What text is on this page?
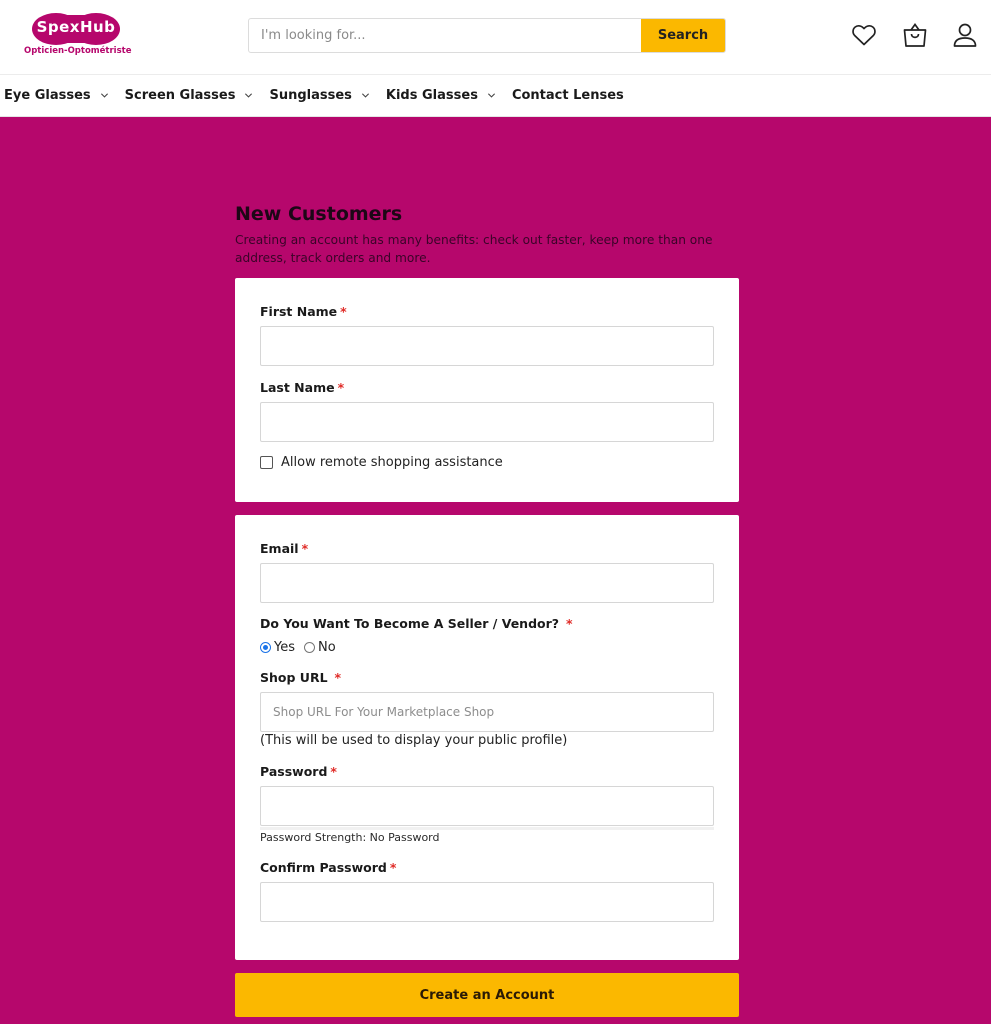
SpexHub
Opticien-Optométriste
I'm looking for...
Search
Eye Glasses	Screen Glasses	Sunglasses	Kids Glasses	Contact Lenses
New Customers

Creating an account has many benefits: check out faster, keep more than one address, track orders and more.

First Name *
Last Name *
Allow remote shopping assistance
Email *
Do You Want To Become A Seller / Vendor? *
Yes No
Shop URL *
Shop URL For Your Marketplace Shop
(This will be used to display your public profile)
Password *
Password Strength: No Password
Confirm Password *
Create an Account
